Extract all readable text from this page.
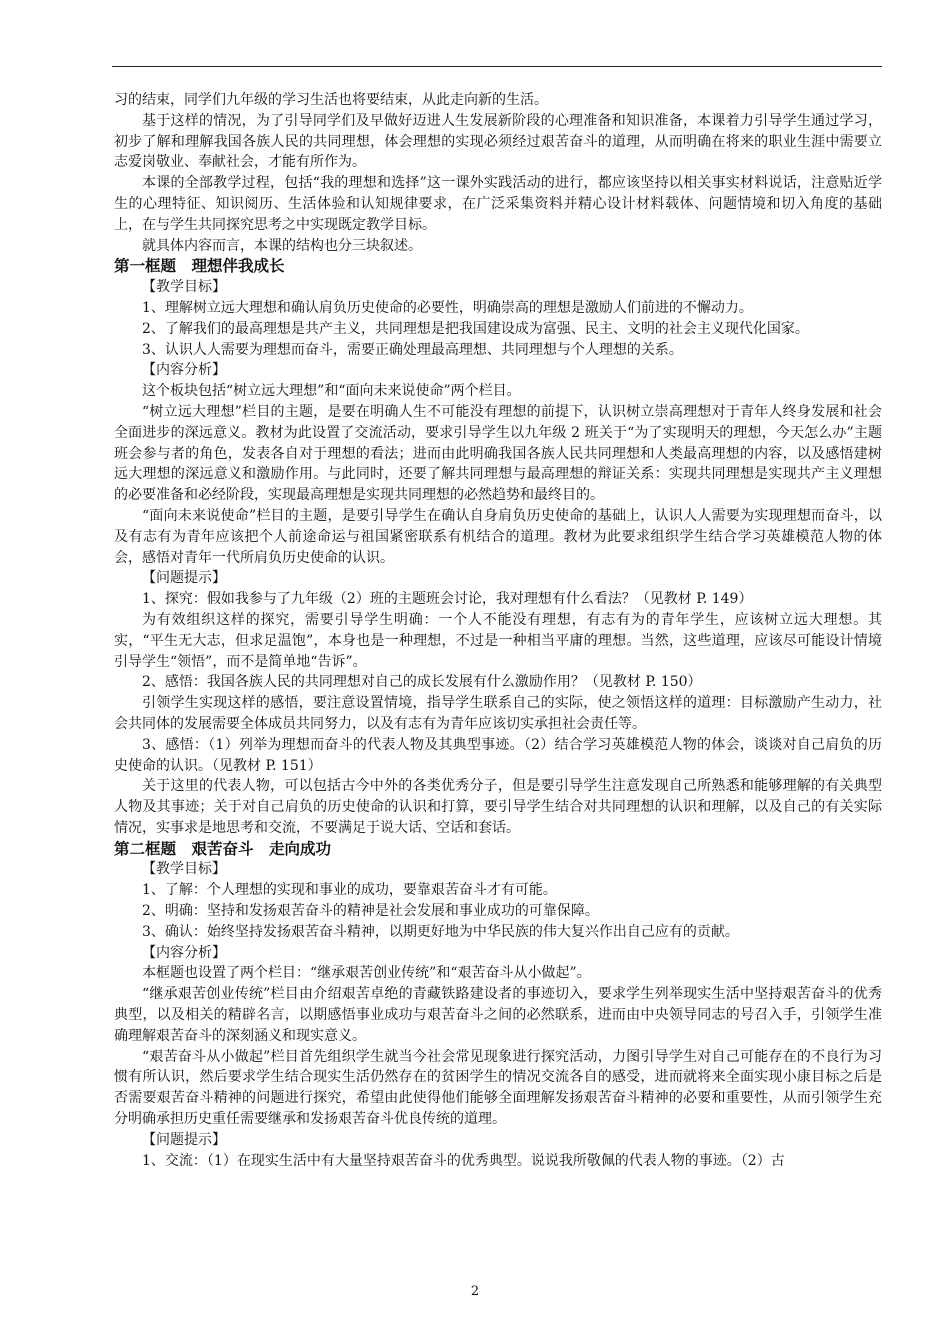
习的结束，同学们九年级的学习生活也将要结束，从此走向新的生活。

基于这样的情况，为了引导同学们及早做好迈进人生发展新阶段的心理准备和知识准备，本课着力引导学生通过学习，初步了解和理解我国各族人民的共同理想，体会理想的实现必须经过艰苦奋斗的道理，从而明确在将来的职业生涯中需要立志爱岗敬业、奉献社会，才能有所作为。

本课的全部教学过程，包括“我的理想和选择”这一课外实践活动的进行，都应该坚持以相关事实材料说话，注意贴近学生的心理特征、知识阅历、生活体验和认知规律要求，在广泛采集资料并精心设计材料载体、问题情境和切入角度的基础上，在与学生共同探究思考之中实现既定教学目标。

就具体内容而言，本课的结构也分三块叙述。

第一框题　理想伴我成长

【教学目标】

1、理解树立远大理想和确认肩负历史使命的必要性，明确崇高的理想是激励人们前进的不懈动力。

2、了解我们的最高理想是共产主义，共同理想是把我国建设成为富强、民主、文明的社会主义现代化国家。

3、认识人人需要为理想而奋斗，需要正确处理最高理想、共同理想与个人理想的关系。

【内容分析】

这个板块包括“树立远大理想”和“面向未来说使命”两个栏目。

“树立远大理想”栏目的主题，是要在明确人生不可能没有理想的前提下，认识树立崇高理想对于青年人终身发展和社会全面进步的深远意义。教材为此设置了交流活动，要求引导学生以九年级 2 班关于“为了实现明天的理想，今天怎么办”主题班会参与者的角色，发表各自对于理想的看法；进而由此明确我国各族人民共同理想和人类最高理想的内容，以及感悟建树远大理想的深远意义和激励作用。与此同时，还要了解共同理想与最高理想的辩证关系：实现共同理想是实现共产主义理想的必要准备和必经阶段，实现最高理想是实现共同理想的必然趋势和最终目的。

“面向未来说使命”栏目的主题，是要引导学生在确认自身肩负历史使命的基础上，认识人人需要为实现理想而奋斗，以及有志有为青年应该把个人前途命运与祖国紧密联系有机结合的道理。教材为此要求组织学生结合学习英雄模范人物的体会，感悟对青年一代所肩负历史使命的认识。

【问题提示】

1、探究：假如我参与了九年级（2）班的主题班会讨论，我对理想有什么看法？（见教材 P. 149）

为有效组织这样的探究，需要引导学生明确：一个人不能没有理想，有志有为的青年学生，应该树立远大理想。其实，“平生无大志，但求足温饱”，本身也是一种理想，不过是一种相当平庸的理想。当然，这些道理，应该尽可能设计情境引导学生“领悟”，而不是简单地“告诉”。

2、感悟：我国各族人民的共同理想对自己的成长发展有什么激励作用？（见教材 P. 150）

引领学生实现这样的感悟，要注意设置情境，指导学生联系自己的实际，使之领悟这样的道理：目标激励产生动力，社会共同体的发展需要全体成员共同努力，以及有志有为青年应该切实承担社会责任等。

3、感悟：（1）列举为理想而奋斗的代表人物及其典型事迹。（2）结合学习英雄模范人物的体会，谈谈对自己肩负的历史使命的认识。（见教材 P. 151）

关于这里的代表人物，可以包括古今中外的各类优秀分子，但是要引导学生注意发现自己所熟悉和能够理解的有关典型人物及其事迹；关于对自己肩负的历史使命的认识和打算，要引导学生结合对共同理想的认识和理解，以及自己的有关实际情况，实事求是地思考和交流，不要满足于说大话、空话和套话。

第二框题　艰苦奋斗　走向成功

【教学目标】

1、了解：个人理想的实现和事业的成功，要靠艰苦奋斗才有可能。

2、明确：坚持和发扬艰苦奋斗的精神是社会发展和事业成功的可靠保障。

3、确认：始终坚持发扬艰苦奋斗精神，以期更好地为中华民族的伟大复兴作出自己应有的贡献。

【内容分析】

本框题也设置了两个栏目：“继承艰苦创业传统”和“艰苦奋斗从小做起”。

“继承艰苦创业传统”栏目由介绍艰苦卓绝的青藏铁路建设者的事迹切入，要求学生列举现实生活中坚持艰苦奋斗的优秀典型，以及相关的精辟名言，以期感悟事业成功与艰苦奋斗之间的必然联系，进而由中央领导同志的号召入手，引领学生准确理解艰苦奋斗的深刻涵义和现实意义。

“艰苦奋斗从小做起”栏目首先组织学生就当今社会常见现象进行探究活动，力图引导学生对自己可能存在的不良行为习惯有所认识，然后要求学生结合现实生活仍然存在的贫困学生的情况交流各自的感受，进而就将来全面实现小康目标之后是否需要艰苦奋斗精神的问题进行探究，希望由此使得他们能够全面理解发扬艰苦奋斗精神的必要和重要性，从而引领学生充分明确承担历史重任需要继承和发扬艰苦奋斗优良传统的道理。

【问题提示】

1、交流：（1）在现实生活中有大量坚持艰苦奋斗的优秀典型。说说我所敬佩的代表人物的事迹。（2）古

2
